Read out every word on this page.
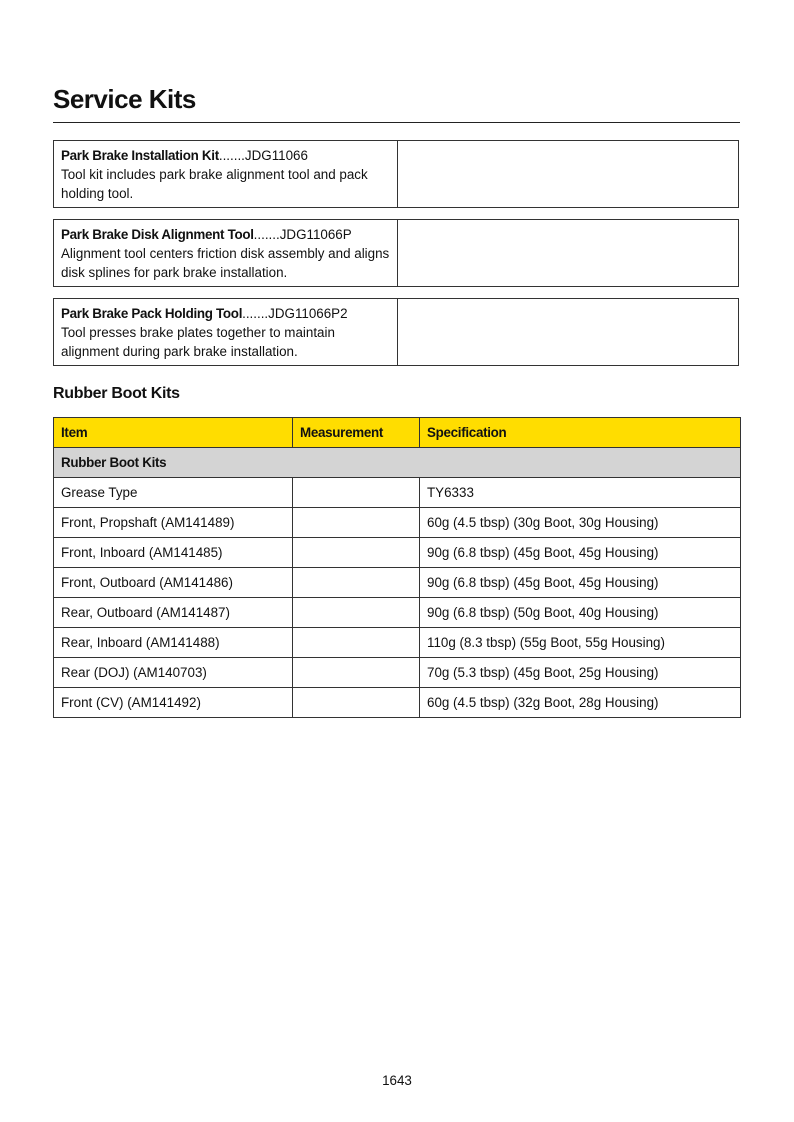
Service Kits
Park Brake Installation Kit.......JDG11066
Tool kit includes park brake alignment tool and pack holding tool.
Park Brake Disk Alignment Tool.......JDG11066P
Alignment tool centers friction disk assembly and aligns disk splines for park brake installation.
Park Brake Pack Holding Tool.......JDG11066P2
Tool presses brake plates together to maintain alignment during park brake installation.
Rubber Boot Kits
Item	Measurement	Specification
Rubber Boot Kits		
Grease Type		TY6333
Front, Propshaft (AM141489)		60g (4.5 tbsp) (30g Boot, 30g Housing)
Front, Inboard (AM141485)		90g (6.8 tbsp) (45g Boot, 45g Housing)
Front, Outboard (AM141486)		90g (6.8 tbsp) (45g Boot, 45g Housing)
Rear, Outboard (AM141487)		90g (6.8 tbsp) (50g Boot, 40g Housing)
Rear, Inboard (AM141488)		110g (8.3 tbsp) (55g Boot, 55g Housing)
Rear (DOJ) (AM140703)		70g (5.3 tbsp) (45g Boot, 25g Housing)
Front (CV) (AM141492)		60g (4.5 tbsp) (32g Boot, 28g Housing)
1643
